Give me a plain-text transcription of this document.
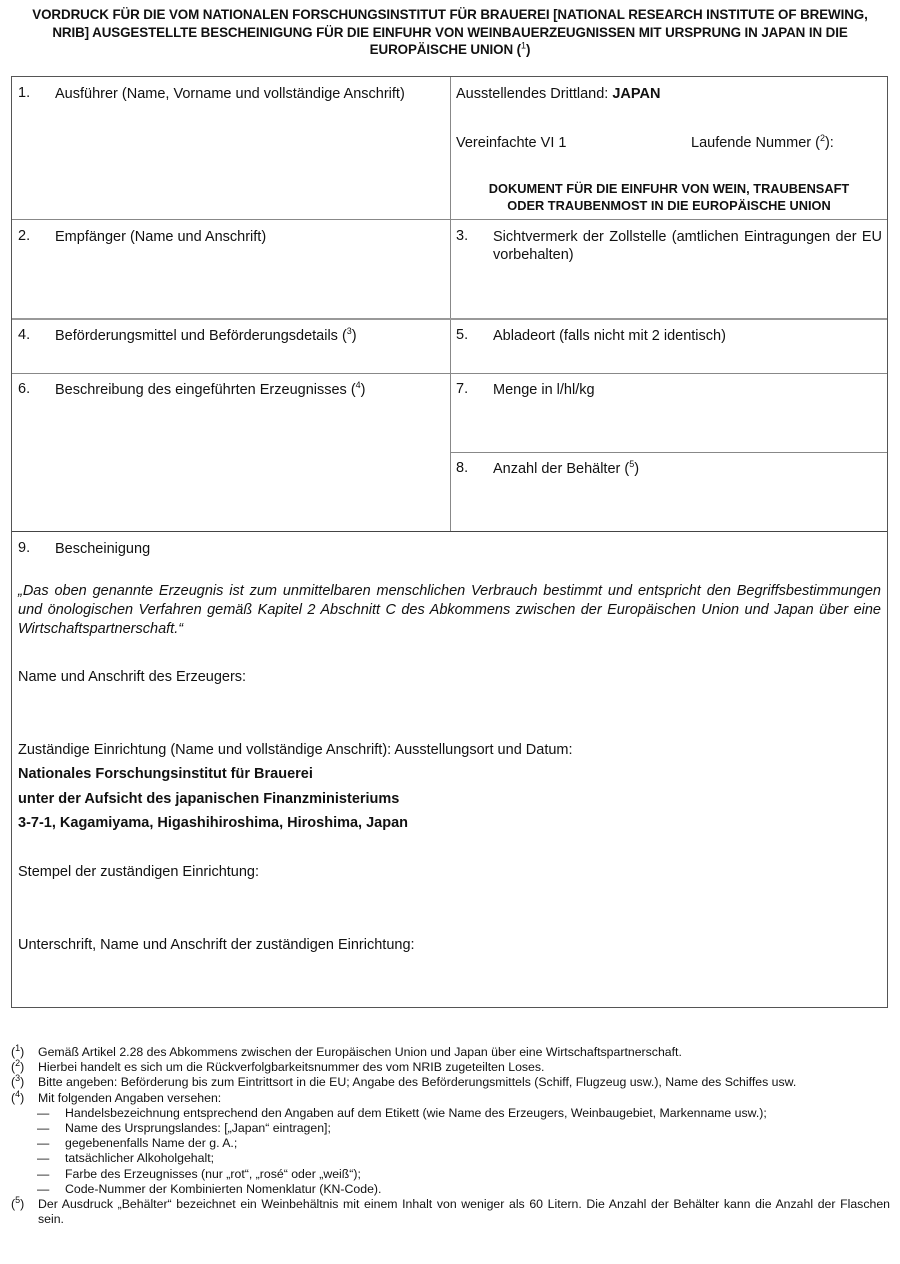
VORDRUCK FÜR DIE VOM NATIONALEN FORSCHUNGSINSTITUT FÜR BRAUEREI [NATIONAL RESEARCH INSTITUTE OF BREWING, NRIB] AUSGESTELLTE BESCHEINIGUNG FÜR DIE EINFUHR VON WEINBAUERZEUGNISSEN MIT URSPRUNG IN JAPAN IN DIE EUROPÄISCHE UNION ($^1$)
1. Ausführer (Name, Vorname und vollständige Anschrift)	Ausstellendes Drittland: JAPAN
Vereinfachte VI 1	Laufende Nummer ($^2$):
DOKUMENT FÜR DIE EINFUHR VON WEIN, TRAUBENSAFT
ODER TRAUBENMOST IN DIE EUROPÄISCHE UNION
2. Empfänger (Name und Anschrift)	3. Sichtvermerk der Zollstelle (amtlichen Eintragungen der EU vorbehalten)
4. Beförderungsmittel und Beförderungsdetails ($^3$)	5. Abladeort (falls nicht mit 2 identisch)
6. Beschreibung des eingeführten Erzeugnisses ($^4$)	7. Menge in l/hl/kg
8. Anzahl der Behälter ($^5$)
9. Bescheinigung
„Das oben genannte Erzeugnis ist zum unmittelbaren menschlichen Verbrauch bestimmt und entspricht den Begriffsbestimmungen und önologischen Verfahren gemäß Kapitel 2 Abschnitt C des Abkommens zwischen der Europäischen Union und Japan über eine Wirtschaftspartnerschaft.“
Name und Anschrift des Erzeugers:
Zuständige Einrichtung (Name und vollständige Anschrift): Ausstellungsort und Datum:
Nationales Forschungsinstitut für Brauerei
unter der Aufsicht des japanischen Finanzministeriums
3-7-1, Kagamiyama, Higashihiroshima, Hiroshima, Japan
Stempel der zuständigen Einrichtung:
Unterschrift, Name und Anschrift der zuständigen Einrichtung:
($^1$) Gemäß Artikel 2.28 des Abkommens zwischen der Europäischen Union und Japan über eine Wirtschaftspartnerschaft.
($^2$) Hierbei handelt es sich um die Rückverfolgbarkeitsnummer des vom NRIB zugeteilten Loses.
($^3$) Bitte angeben: Beförderung bis zum Eintrittsort in die EU; Angabe des Beförderungsmittels (Schiff, Flugzeug usw.), Name des Schiffes usw.
($^4$) Mit folgenden Angaben versehen:
— Handelsbezeichnung entsprechend den Angaben auf dem Etikett (wie Name des Erzeugers, Weinbaugebiet, Markenname usw.);
— Name des Ursprungslandes: [„Japan“ eintragen];
— gegebenenfalls Name der g. A.;
— tatsächlicher Alkoholgehalt;
— Farbe des Erzeugnisses (nur „rot“, „rosé“ oder „weiß“);
— Code-Nummer der Kombinierten Nomenklatur (KN-Code).
($^5$) Der Ausdruck „Behälter“ bezeichnet ein Weinbehältnis mit einem Inhalt von weniger als 60 Litern. Die Anzahl der Behälter kann die Anzahl der Flaschen sein.
